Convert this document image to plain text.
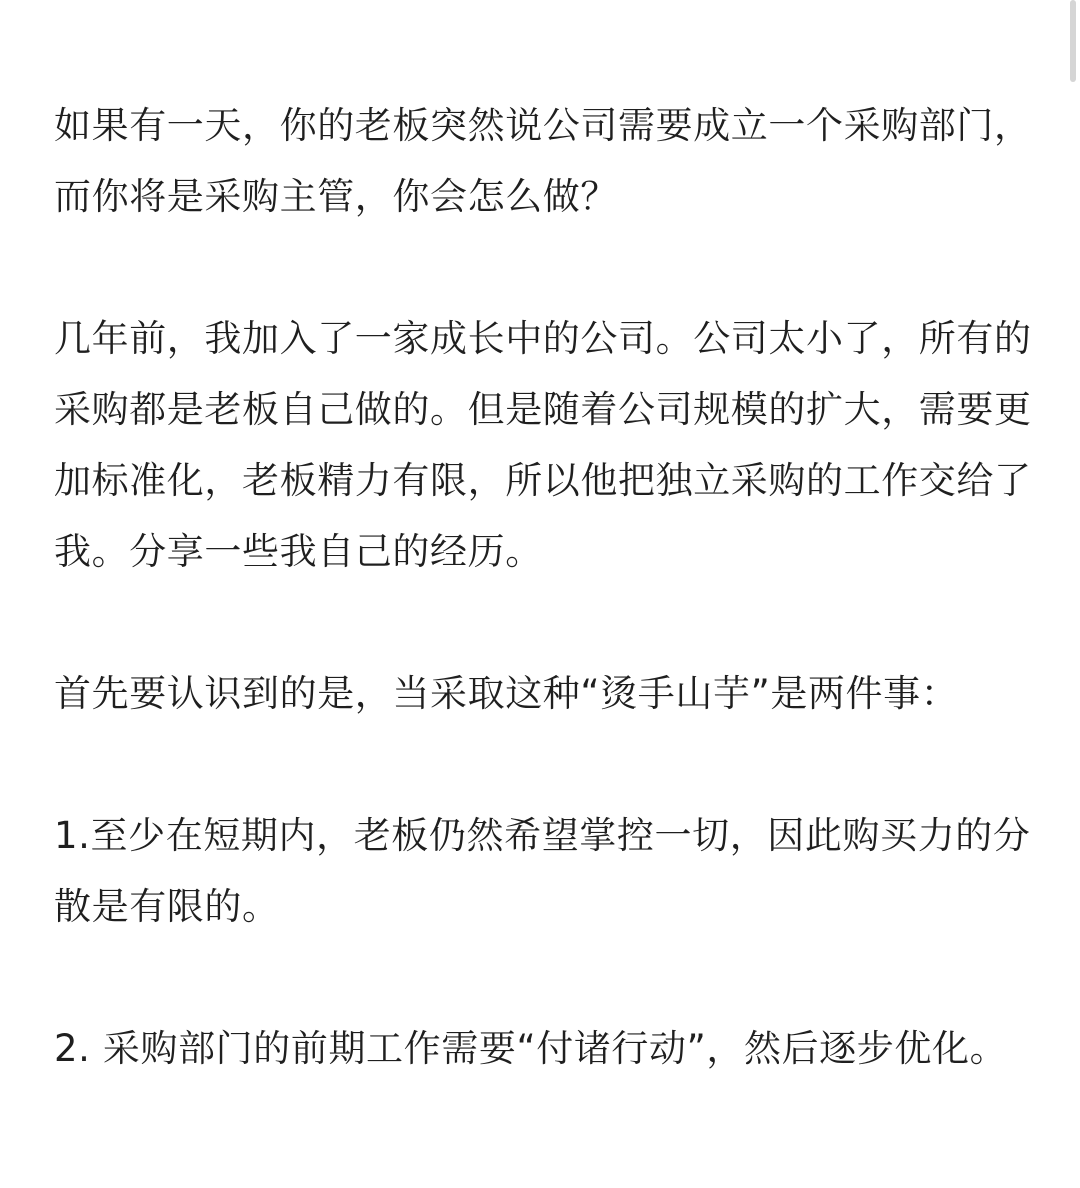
如果有一天，你的老板突然说公司需要成立一个采购部门，而你将是采购主管，你会怎么做？

几年前，我加入了一家成长中的公司。公司太小了，所有的采购都是老板自己做的。但是随着公司规模的扩大，需要更加标准化，老板精力有限，所以他把独立采购的工作交给了我。分享一些我自己的经历。

首先要认识到的是，当采取这种“烫手山芋”是两件事：

1.至少在短期内，老板仍然希望掌控一切，因此购买力的分散是有限的。

2. 采购部门的前期工作需要“付诸行动”，然后逐步优化。
